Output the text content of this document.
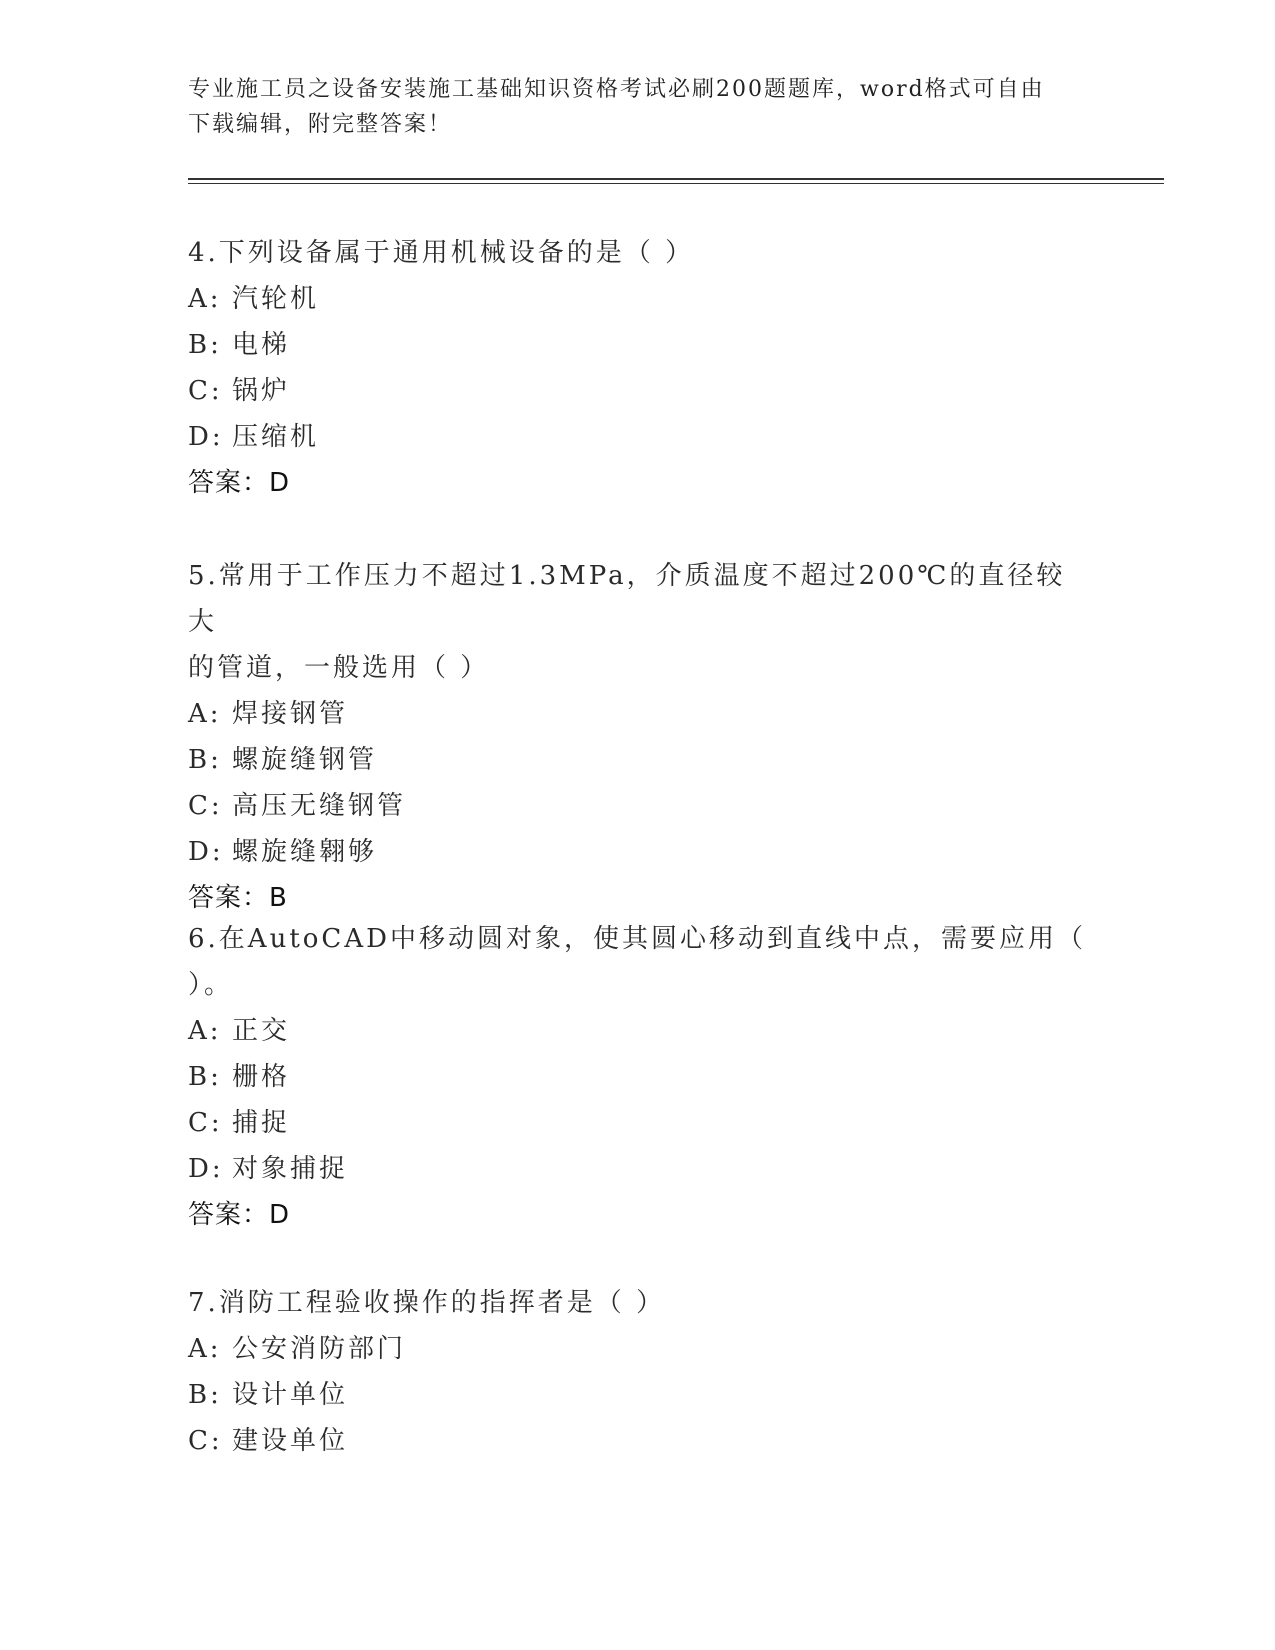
专业施工员之设备安装施工基础知识资格考试必刷200题题库，word格式可自由
下载编辑，附完整答案！
4.下列设备属于通用机械设备的是（ ）
A: 汽轮机
B: 电梯
C: 锅炉
D: 压缩机
答案：D
5.常用于工作压力不超过1.3MPa，介质温度不超过200℃的直径较大
的管道，一般选用（ ）
A: 焊接钢管
B: 螺旋缝钢管
C: 高压无缝钢管
D: 螺旋缝翱够
答案：B
6.在AutoCAD中移动圆对象，使其圆心移动到直线中点，需要应用（
）。
A: 正交
B: 栅格
C: 捕捉
D: 对象捕捉
答案：D
7.消防工程验收操作的指挥者是（ ）
A: 公安消防部门
B: 设计单位
C: 建设单位
